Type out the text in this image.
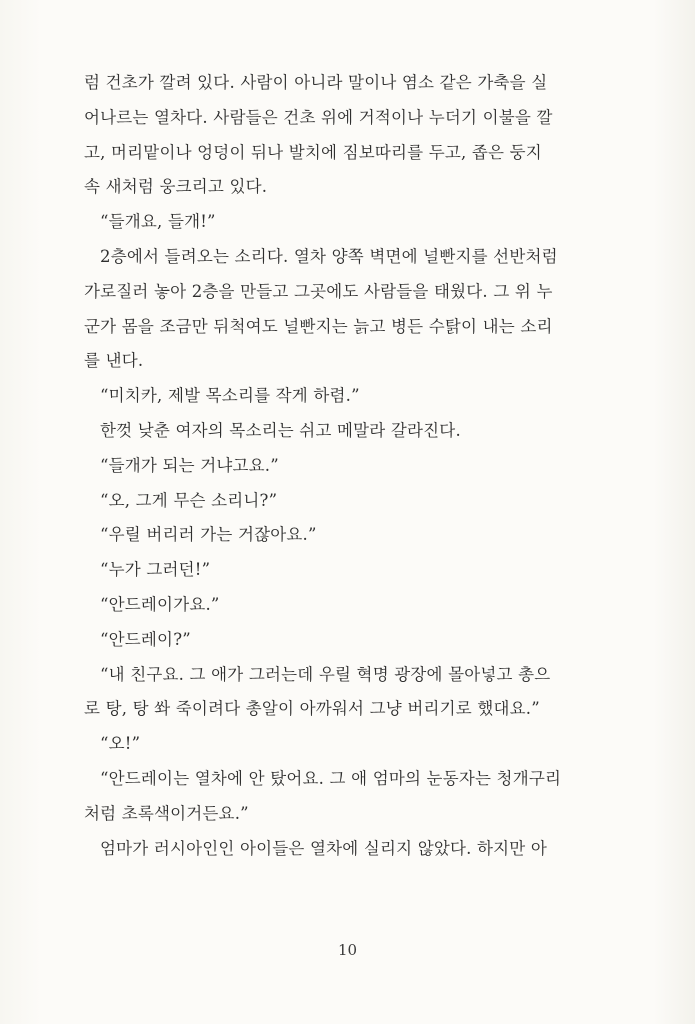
럼 건초가 깔려 있다. 사람이 아니라 말이나 염소 같은 가축을 실
어나르는 열차다. 사람들은 건초 위에 거적이나 누더기 이불을 깔
고, 머리맡이나 엉덩이 뒤나 발치에 짐보따리를 두고, 좁은 둥지
속 새처럼 웅크리고 있다.
“들개요, 들개!”
2층에서 들려오는 소리다. 열차 양쪽 벽면에 널빤지를 선반처럼
가로질러 놓아 2층을 만들고 그곳에도 사람들을 태웠다. 그 위 누
군가 몸을 조금만 뒤척여도 널빤지는 늙고 병든 수탉이 내는 소리
를 낸다.
“미치카, 제발 목소리를 작게 하렴.”
한껏 낮춘 여자의 목소리는 쉬고 메말라 갈라진다.
“들개가 되는 거냐고요.”
“오, 그게 무슨 소리니?”
“우릴 버리러 가는 거잖아요.”
“누가 그러던!”
“안드레이가요.”
“안드레이?”
“내 친구요. 그 애가 그러는데 우릴 혁명 광장에 몰아넣고 총으
로 탕, 탕 쏴 죽이려다 총알이 아까워서 그냥 버리기로 했대요.”
“오!”
“안드레이는 열차에 안 탔어요. 그 애 엄마의 눈동자는 청개구리
처럼 초록색이거든요.”
엄마가 러시아인인 아이들은 열차에 실리지 않았다. 하지만 아
10
